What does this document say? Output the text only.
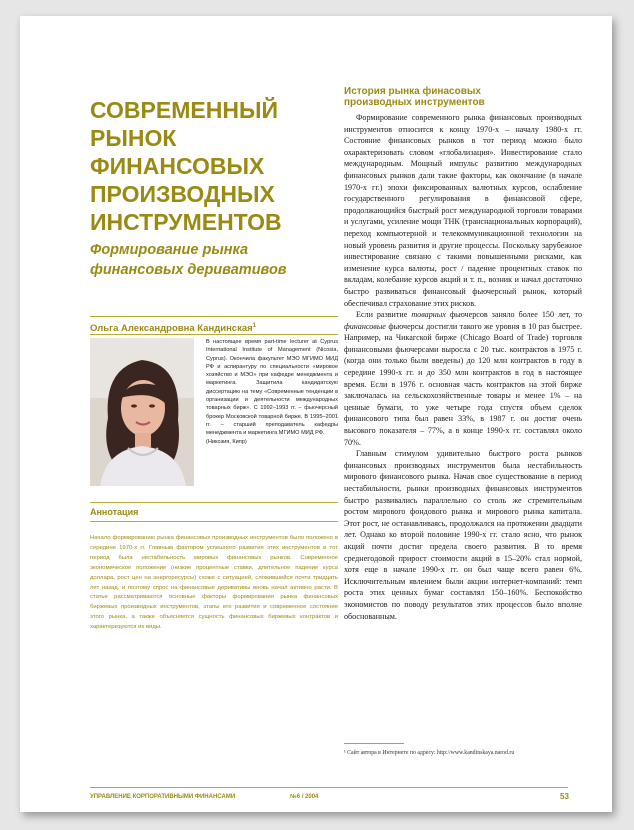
СОВРЕМЕННЫЙ
РЫНОК
ФИНАНСОВЫХ
ПРОИЗВОДНЫХ
ИНСТРУМЕНТОВ
Формирование рынка
финансовых деривативов
Ольга Александровна Кандинская$^1$

В настоящее время part-time lecturer at Cyprus International Institute of Management (Nicosia, Cyprus). Окончила факультет МЭО МГИМО МИД РФ и аспирантуру по специальности «мировое хозяйство и МЭО» при кафедре менеджмента и маркетинга. Защитила кандидатскую диссертацию на тему «Современные тенденции в организации и деятельности международных товарных бирж». С 1992–1993 гг. – фьючерсный брокер Московской товарной бирже. В 1995–2001 гг. – старший преподаватель кафедры менеджмента и маркетинга МГИМО МИД РФ.
(Никозия, Кипр)

Аннотация

Начало формированию рынка финансовых производных инструментов было положено в середине 1970-х гг. Главным фактором успешного развития этих инструментов в тот период была нестабильность мировых финансовых рынков. Современное экономическое положение (низкие процентные ставки, длительное падение курса доллара, рост цен на энергоресурсы) схоже с ситуацией, сложившейся почти тридцать лет назад, и поэтому спрос на финансовые деривативы вновь начал активно расти. В статье рассматриваются основные факторы формирования рынка финансовых биржевых производных инструментов, этапы его развития и современное состояние этого рынка, а также объясняется сущность финансовых биржевых контрактов и характеризуются их виды.

История рынка финасовых
производных инструментов

Формирование современного рынка финансовых производных инструментов относится к концу 1970-х – началу 1980-х гг. Состояние финансовых рынков в тот период можно было охарактеризовать словом «глобализация». Инвестирование стало международным. Мощный импульс развитию международных финансовых рынков дали такие факторы, как окончание (в начале 1970-х гг.) эпохи фиксированных валютных курсов, ослабление государственного регулирования в финансовой сфере, продолжающийся быстрый рост международной торговли товарами и услугами, усиление мощи ТНК (транснациональных корпораций), переход компьютерной и телекоммуникационной технологии на новый уровень развития и другие процессы. Поскольку зарубежное инвестирование связано с такими повышенными рисками, как изменение курса валюты, рост / падение процентных ставок по вкладам, колебание курсов акций и т. п., возник и начал достаточно быстро развиваться финансовый фьючерсный рынок, который обеспечивал страхование этих рисков.

Если развитие товарных фьючерсов заняло более 150 лет, то финансовые фьючерсы достигли такого же уровня в 10 раз быстрее. Например, на Чикагской бирже (Chicago Board of Trade) торговля финансовыми фьючерсами выросла с 20 тыс. контрактов в 1975 г. (когда они только были введены) до 120 млн контрактов в году в середине 1990-х гг. и до 350 млн контрактов в год в настоящее время. Если в 1976 г. основная часть контрактов на этой бирже заключалась на сельскохозяйственные товары и менее 1% – на ценные бумаги, то уже четыре года спустя объем сделок финансового типа был равен 33%, в 1987 г. он достиг очень высокого показателя – 77%, а в конце 1990-х гг. составлял около 70%.

Главным стимулом удивительно быстрого роста рынков финансовых производных инструментов была нестабильность мирового финансового рынка. Начав свое существование в период нестабильности, рынки производных финансовых инструментов быстро развивались параллельно со столь же стремительным ростом мирового фондового рынка и мирового рынка капитала. Этот рост, не останавливаясь, продолжался на протяжении двадцати лет. Однако ко второй половине 1990-х гг. стало ясно, что рынок акций почти достиг предела своего развития. В то время среднегодовой прирост стоимости акций в 15–20% стал нормой, хотя еще в начале 1990-х гг. он был чаще всего равен 6%. Исключительным явлением были акции интернет-компаний: темп роста этих ценных бумаг составлял 150–160%. Беспокойство экономистов по поводу результатов этих процессов было вполне обоснованным.

¹ Сайт автора в Интернете по адресу: http://www.kandinskaya.narod.ru
УПРАВЛЕНИЕ КОРПОРАТИВНЫМИ ФИНАНСАМИ	№6 / 2004	53
